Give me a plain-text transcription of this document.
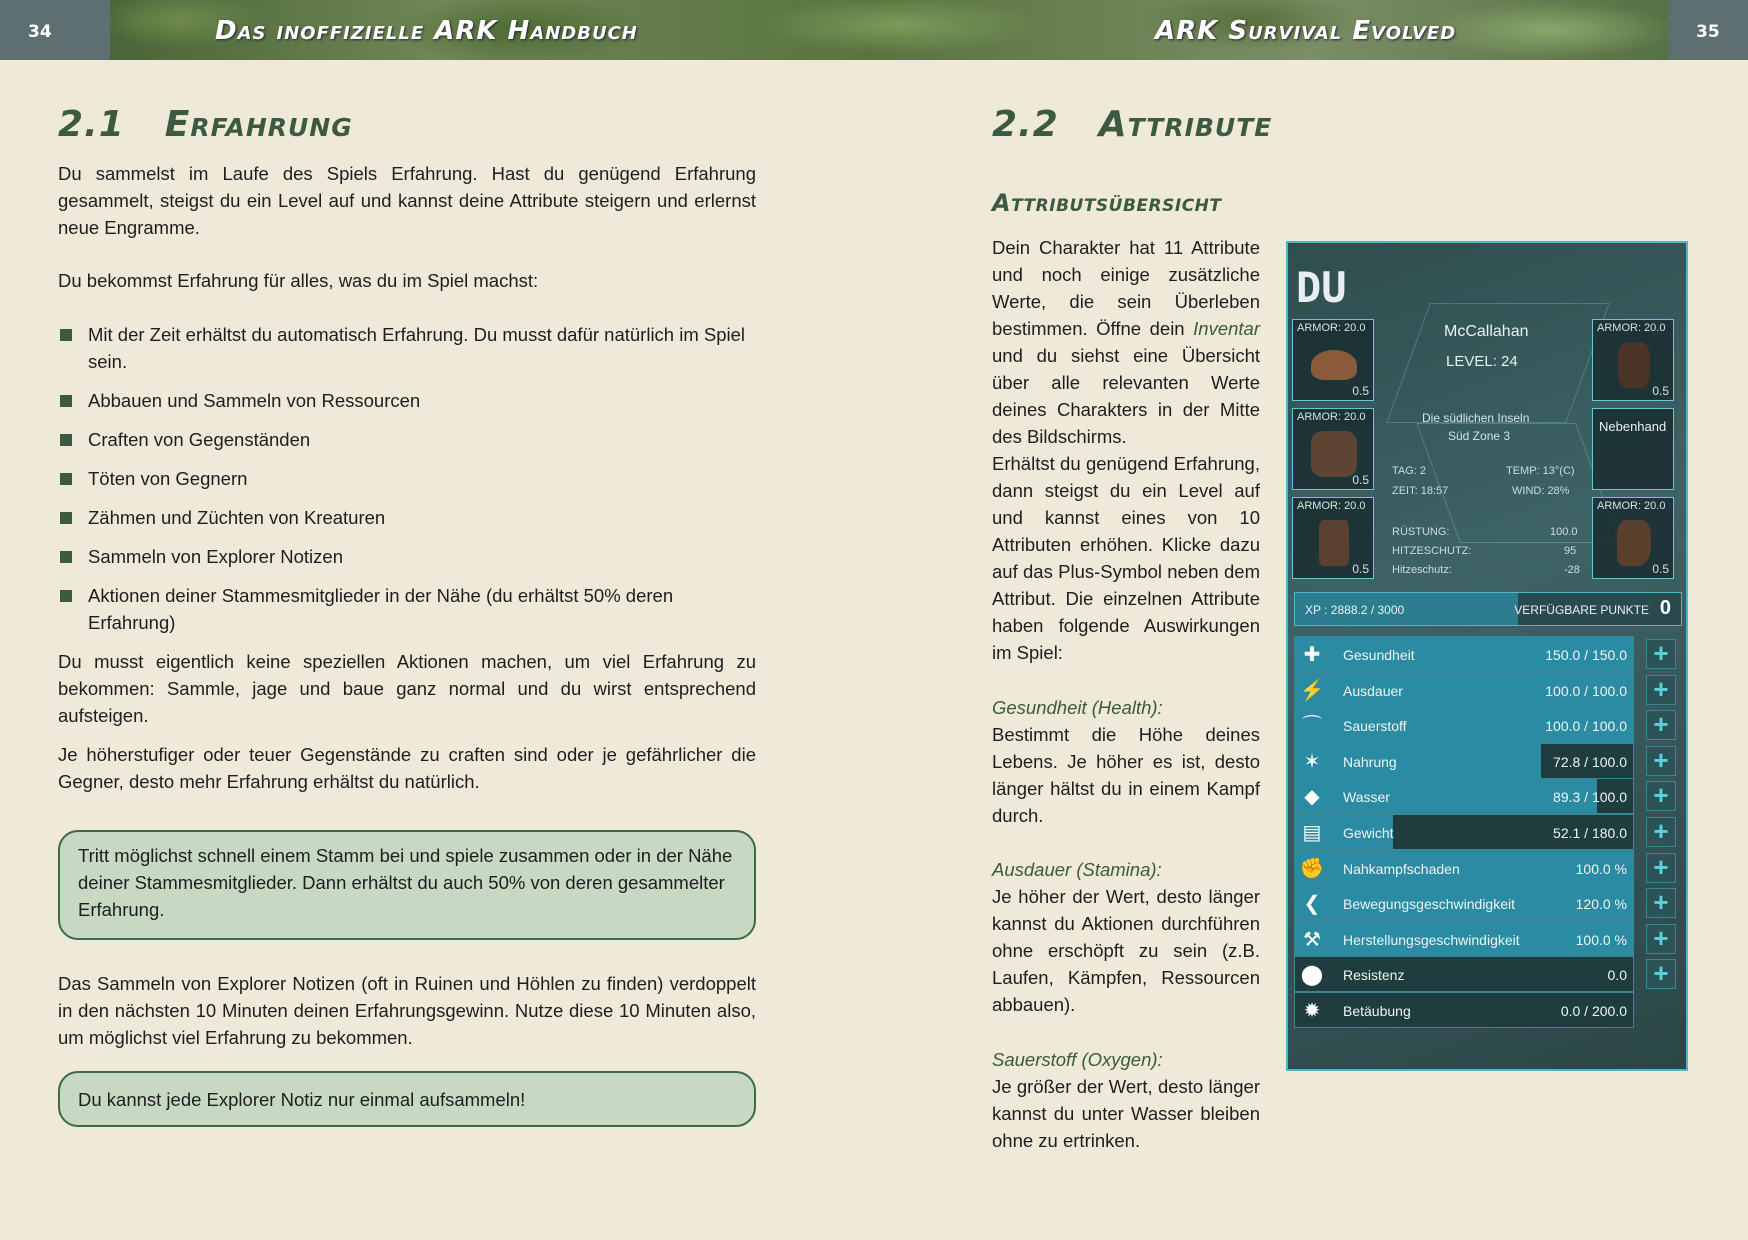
34	Das inoffizielle ARK Handbuch	ARK Survival Evolved	35
2.1 Erfahrung
Du sammelst im Laufe des Spiels Erfahrung. Hast du genügend Erfahrung gesammelt, steigst du ein Level auf und kannst deine Attribute steigern und erlernst neue Engramme.
Du bekommst Erfahrung für alles, was du im Spiel machst:
Mit der Zeit erhältst du automatisch Erfahrung. Du musst dafür natürlich im Spiel sein.
Abbauen und Sammeln von Ressourcen
Craften von Gegenständen
Töten von Gegnern
Zähmen und Züchten von Kreaturen
Sammeln von Explorer Notizen
Aktionen deiner Stammesmitglieder in der Nähe (du erhältst 50% deren Erfahrung)
Du musst eigentlich keine speziellen Aktionen machen, um viel Erfahrung zu bekommen: Sammle, jage und baue ganz normal und du wirst entsprechend aufsteigen.
Je höherstufiger oder teuer Gegenstände zu craften sind oder je gefährlicher die Gegner, desto mehr Erfahrung erhältst du natürlich.
Tritt möglichst schnell einem Stamm bei und spiele zusammen oder in der Nähe deiner Stammesmitglieder. Dann erhältst du auch 50% von deren gesammelter Erfahrung.
Das Sammeln von Explorer Notizen (oft in Ruinen und Höhlen zu finden) verdoppelt in den nächsten 10 Minuten deinen Erfahrungsgewinn. Nutze diese 10 Minuten also, um möglichst viel Erfahrung zu bekommen.
Du kannst jede Explorer Notiz nur einmal aufsammeln!
2.2 Attribute
Attributsübersicht
Dein Charakter hat 11 Attribute und noch einige zusätzliche Werte, die sein Überleben bestimmen. Öffne dein Inventar und du siehst eine Übersicht über alle relevanten Werte deines Charakters in der Mitte des Bildschirms.
Erhältst du genügend Erfahrung, dann steigst du ein Level auf und kannst eines von 10 Attributen erhöhen. Klicke dazu auf das Plus-Symbol neben dem Attribut. Die einzelnen Attribute haben folgende Auswirkungen im Spiel:
Gesundheit (Health):
Bestimmt die Höhe deines Lebens. Je höher es ist, desto länger hältst du in einem Kampf durch.
Ausdauer (Stamina):
Je höher der Wert, desto länger kannst du Aktionen durchführen ohne erschöpft zu sein (z.B. Laufen, Kämpfen, Ressourcen abbauen).
Sauerstoff (Oxygen):
Je größer der Wert, desto länger kannst du unter Wasser bleiben ohne zu ertrinken.
DU
ARMOR: 20.0
0.5
ARMOR: 20.0
0.5
ARMOR: 20.0
0.5
ARMOR: 20.0
0.5
Nebenhand
ARMOR: 20.0
0.5
McCallahan
LEVEL: 24
Die südlichen Inseln
Süd Zone 3
TAG: 2	TEMP: 13°(C)
ZEIT: 18:57	WIND: 28%
RÜSTUNG:	100.0
HITZESCHUTZ:	95
Hitzeschutz:	-28
XP : 2888.2 / 3000	VERFÜGBARE PUNKTE 0
✚	Gesundheit	150.0 / 150.0 +
⚡ Ausdauer	100.0 / 100.0 +
⌒ Sauerstoff	100.0 / 100.0 +
✶	Nahrung	72.8 / 100.0 +
◆	Wasser	89.3 / 100.0 +
▤ Gewicht	52.1 / 180.0 +
✊ Nahkampfschaden	100.0 % +
❮	Bewegungsgeschwindigkeit	120.0 % +
⚒ Herstellungsgeschwindigkeit	100.0 % +
⬤ Resistenz	0.0 +
✹	Betäubung	0.0 / 200.0
